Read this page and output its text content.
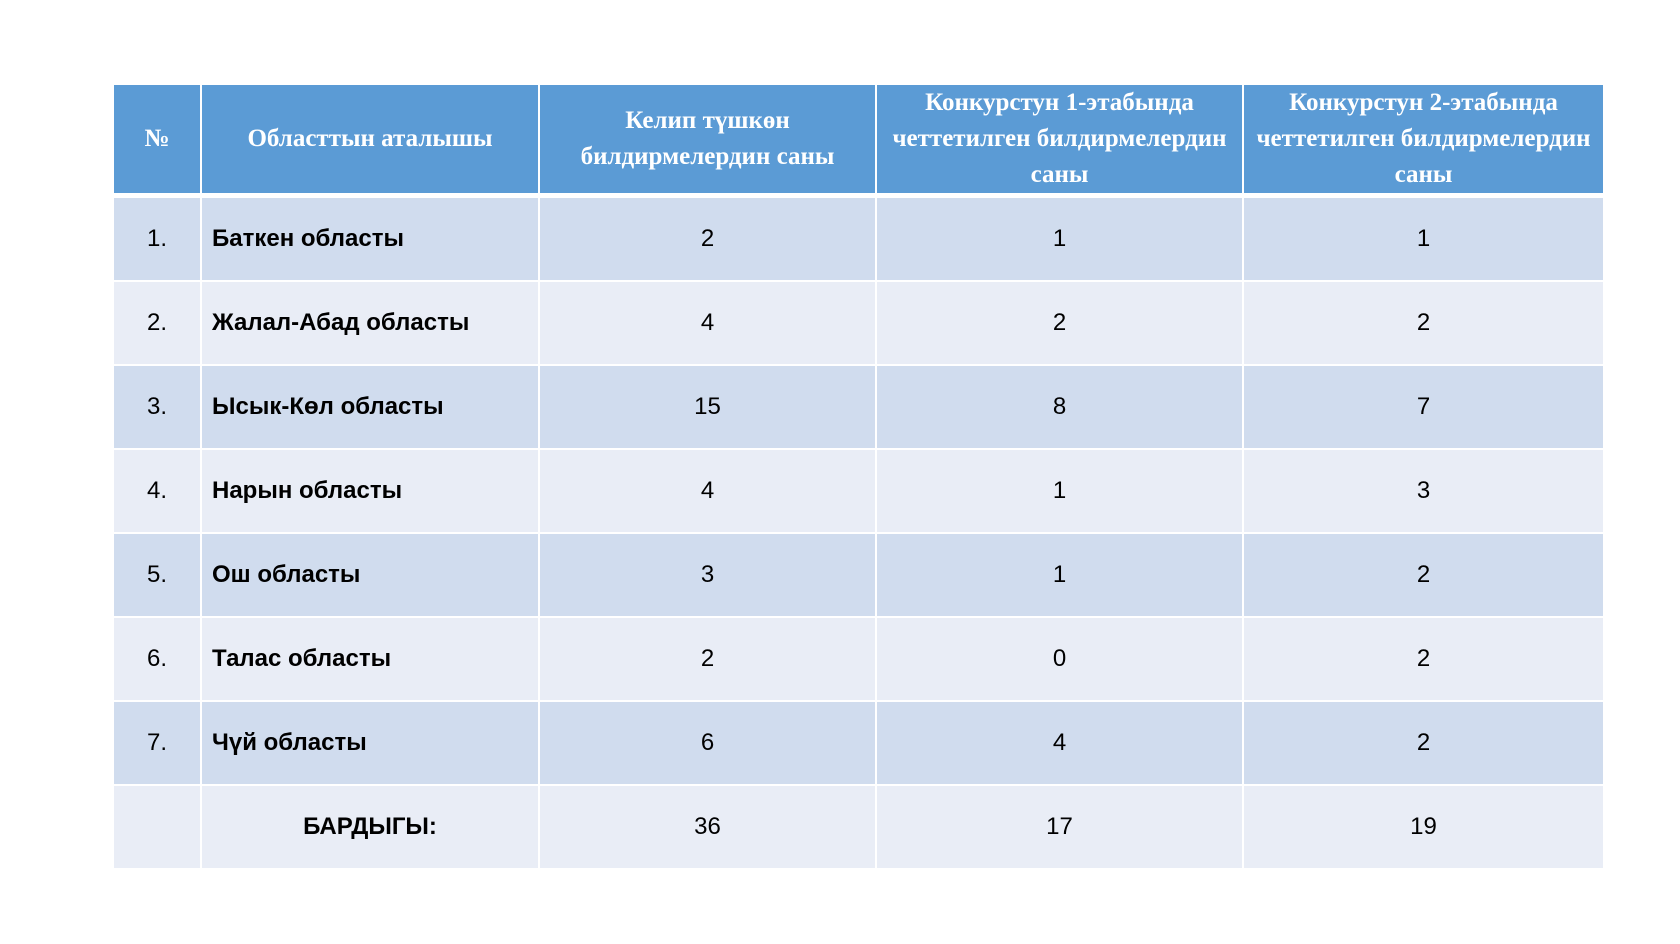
№	Областтын аталышы	Келип түшкөн билдирмелердин саны	Конкурстун 1-этабында четтетилген билдирмелердин саны	Конкурстун 2-этабында четтетилген билдирмелердин саны
1.	Баткен областы	2	1	1
2.	Жалал-Абад областы	4	2	2
3.	Ысык-Көл областы	15	8	7
4.	Нарын областы	4	1	3
5.	Ош областы	3	1	2
6.	Талас областы	2	0	2
7.	Чүй областы	6	4	2
	БАРДЫГЫ:	36	17	19
